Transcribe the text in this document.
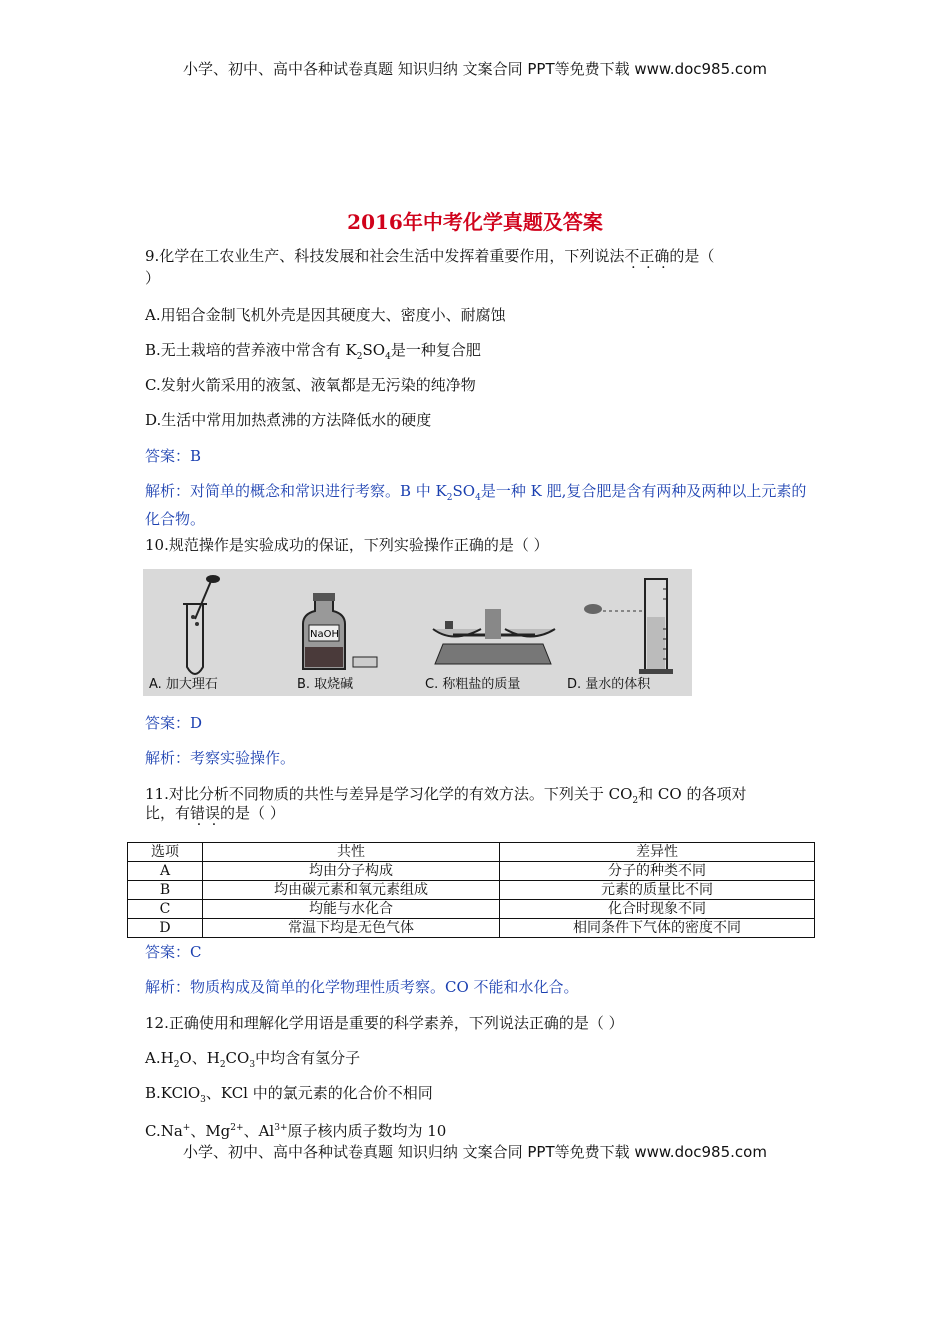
小学、初中、高中各种试卷真题 知识归纳 文案合同 PPT等免费下载 www.doc985.com
2016年中考化学真题及答案
9.化学在工农业生产、科技发展和社会生活中发挥着重要作用，下列说法不正确的是（
）
A.用铝合金制飞机外壳是因其硬度大、密度小、耐腐蚀
B.无土栽培的营养液中常含有 $K_2SO_4$是一种复合肥
C.发射火箭采用的液氢、液氧都是无污染的纯净物
D.生活中常用加热煮沸的方法降低水的硬度
答案：B
解析：对简单的概念和常识进行考察。B 中 $K_2SO_4$是一种 K 肥,复合肥是含有两种及两种以上元素的化合物。
10.规范操作是实验成功的保证，下列实验操作正确的是（ ）
A. 加大理石
NaOH
B. 取烧碱	C. 称粗盐的质量	D. 量水的体积
答案：D
解析：考察实验操作。
11.对比分析不同物质的共性与差异是学习化学的有效方法。下列关于 $CO_2$和 CO 的各项对
比，有错误的是（ ）
选项	共性	差异性
A	均由分子构成	分子的种类不同
B	均由碳元素和氧元素组成	元素的质量比不同
C	均能与水化合	化合时现象不同
D	常温下均是无色气体	相同条件下气体的密度不同
答案：C
解析：物质构成及简单的化学物理性质考察。CO 不能和水化合。
12.正确使用和理解化学用语是重要的科学素养，下列说法正确的是（ ）
$A.H_2O$、$H_2CO_3$中均含有氢分子
B.KClO$_3$、KCl 中的氯元素的化合价不相同
C.Na+、$Mg^{2+}$、$Al^{3+}$原子核内质子数均为 10
小学、初中、高中各种试卷真题 知识归纳 文案合同 PPT等免费下载 www.doc985.com
